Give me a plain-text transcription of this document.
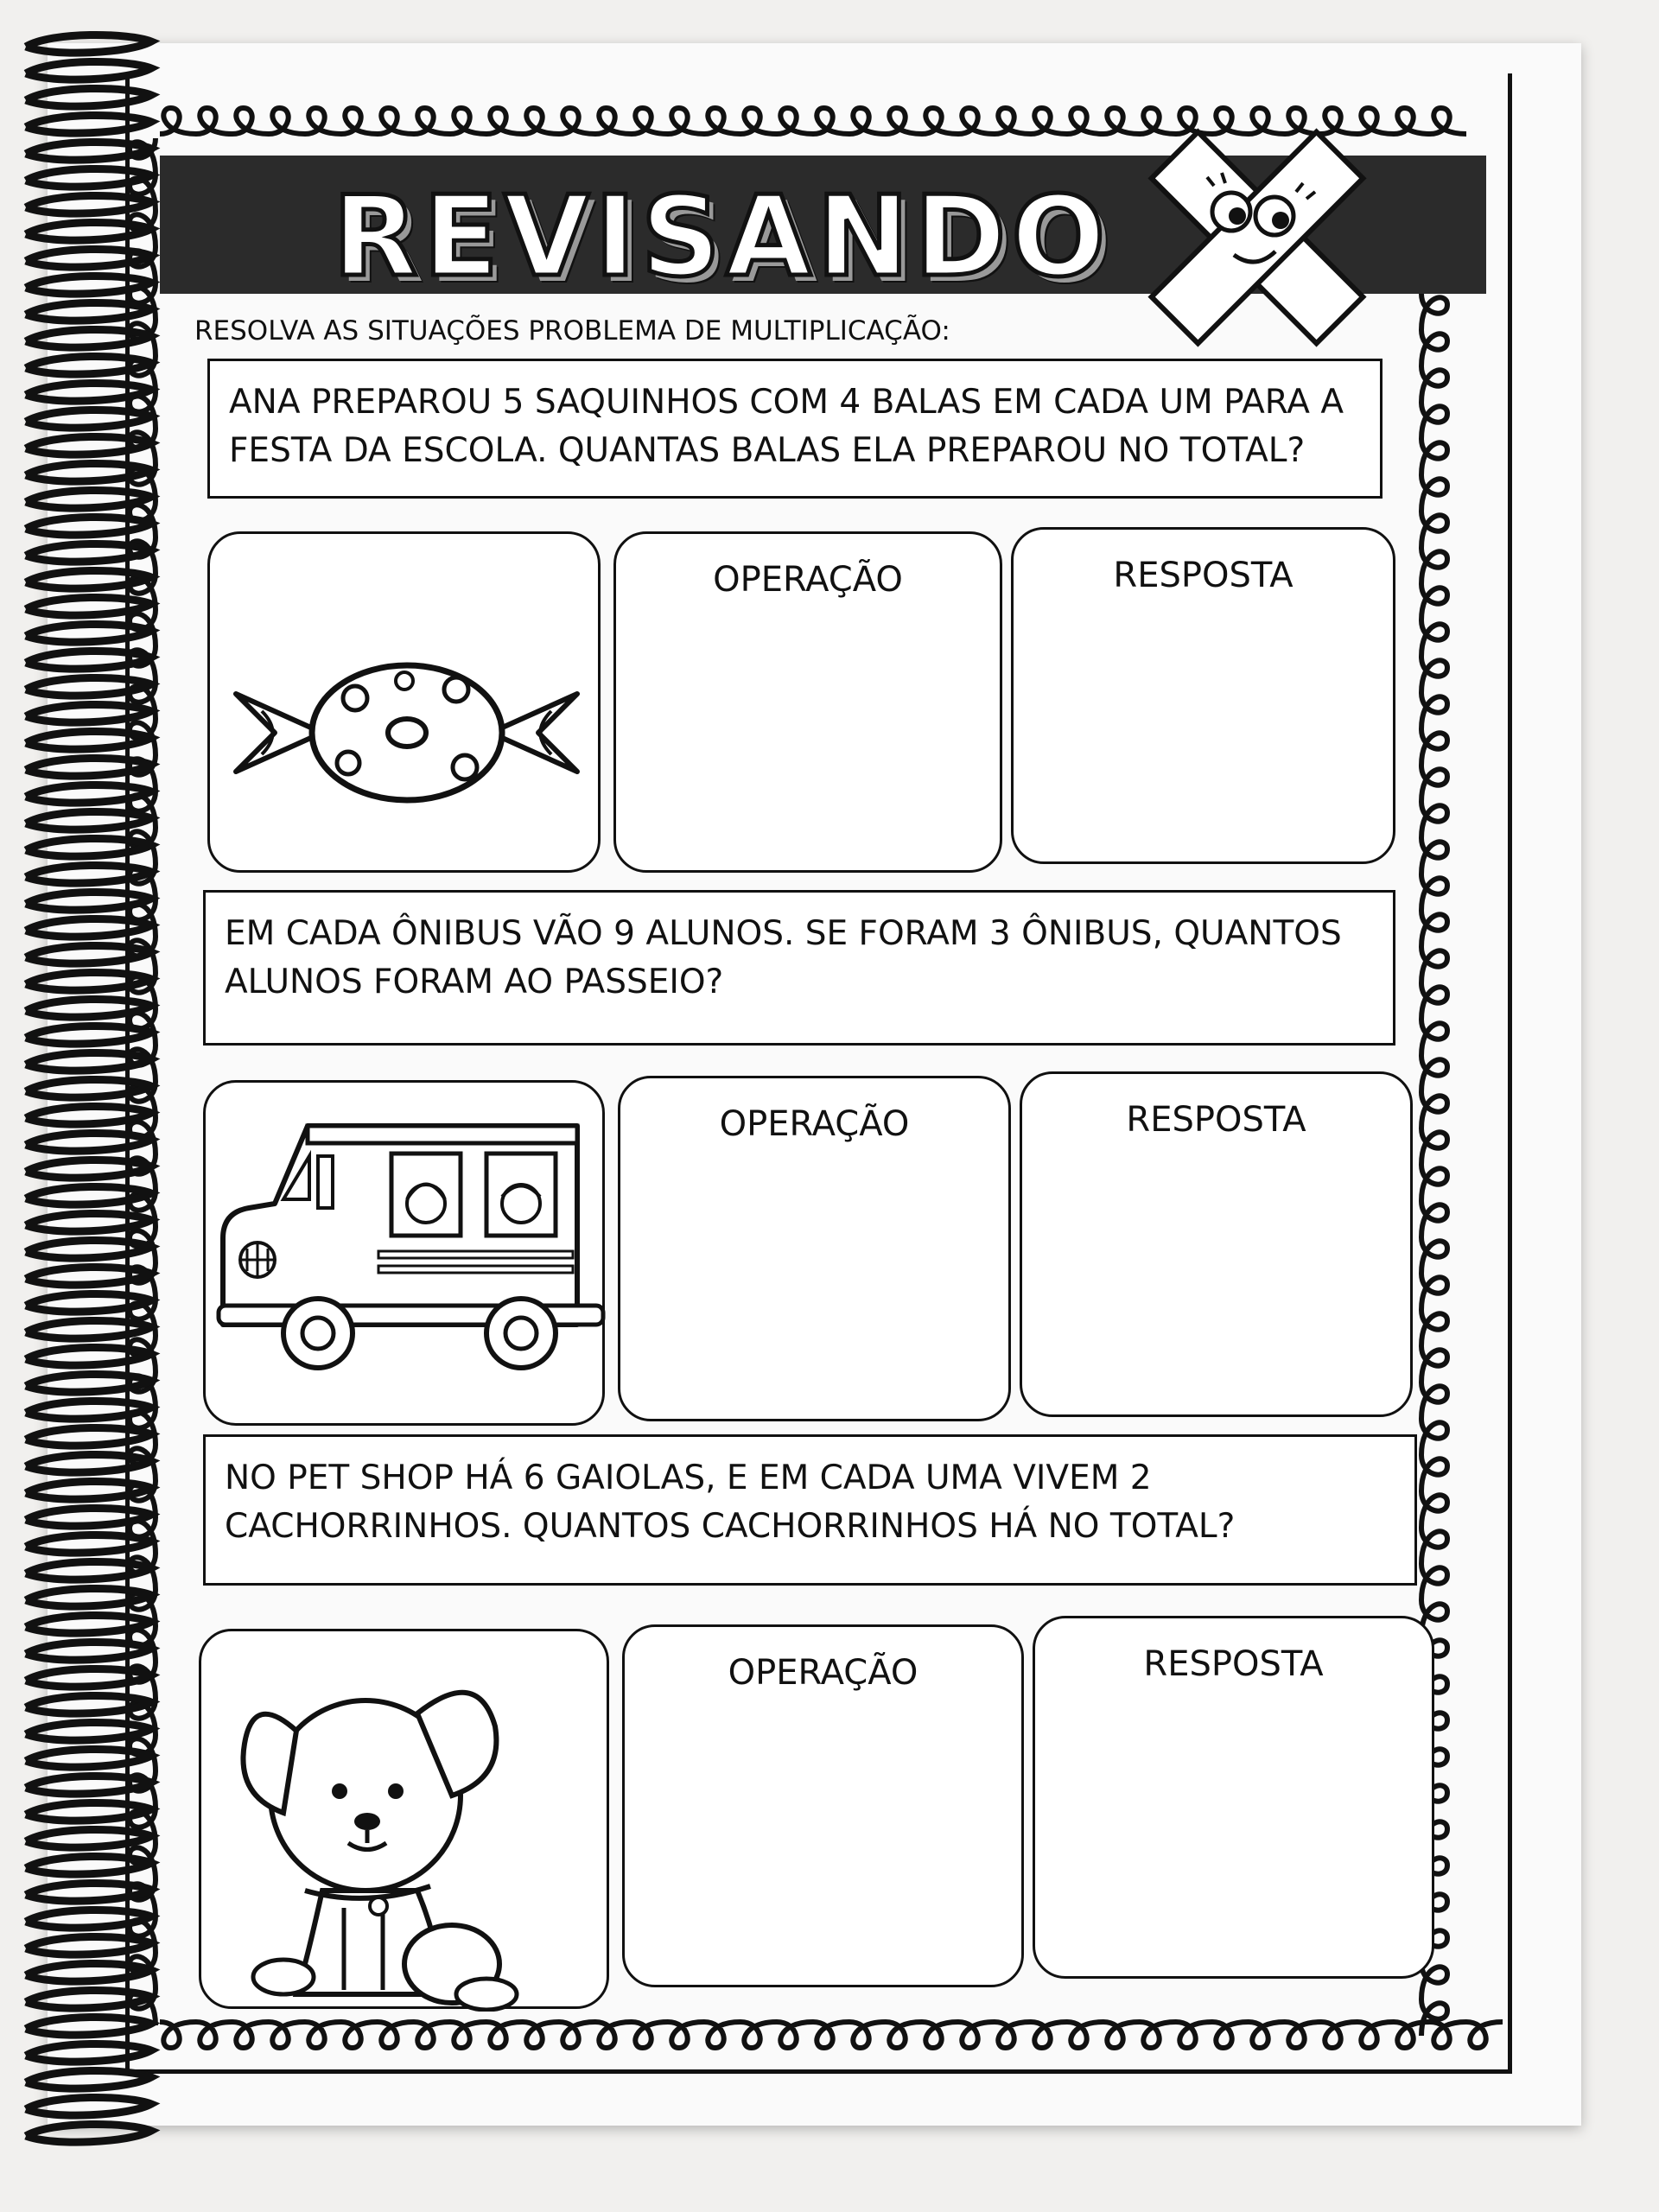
REVISANDO
RESOLVA AS SITUAÇÕES PROBLEMA DE MULTIPLICAÇÃO:
ANA PREPAROU 5 SAQUINHOS COM 4 BALAS EM CADA UM PARA A FESTA DA ESCOLA. QUANTAS BALAS ELA PREPAROU NO TOTAL?
OPERAÇÃO	RESPOSTA
EM CADA ÔNIBUS VÃO 9 ALUNOS. SE FORAM 3 ÔNIBUS, QUANTOS ALUNOS FORAM AO PASSEIO?
OPERAÇÃO	RESPOSTA
NO PET SHOP HÁ 6 GAIOLAS, E EM CADA UMA VIVEM 2 CACHORRINHOS. QUANTOS CACHORRINHOS HÁ NO TOTAL?
OPERAÇÃO	RESPOSTA
